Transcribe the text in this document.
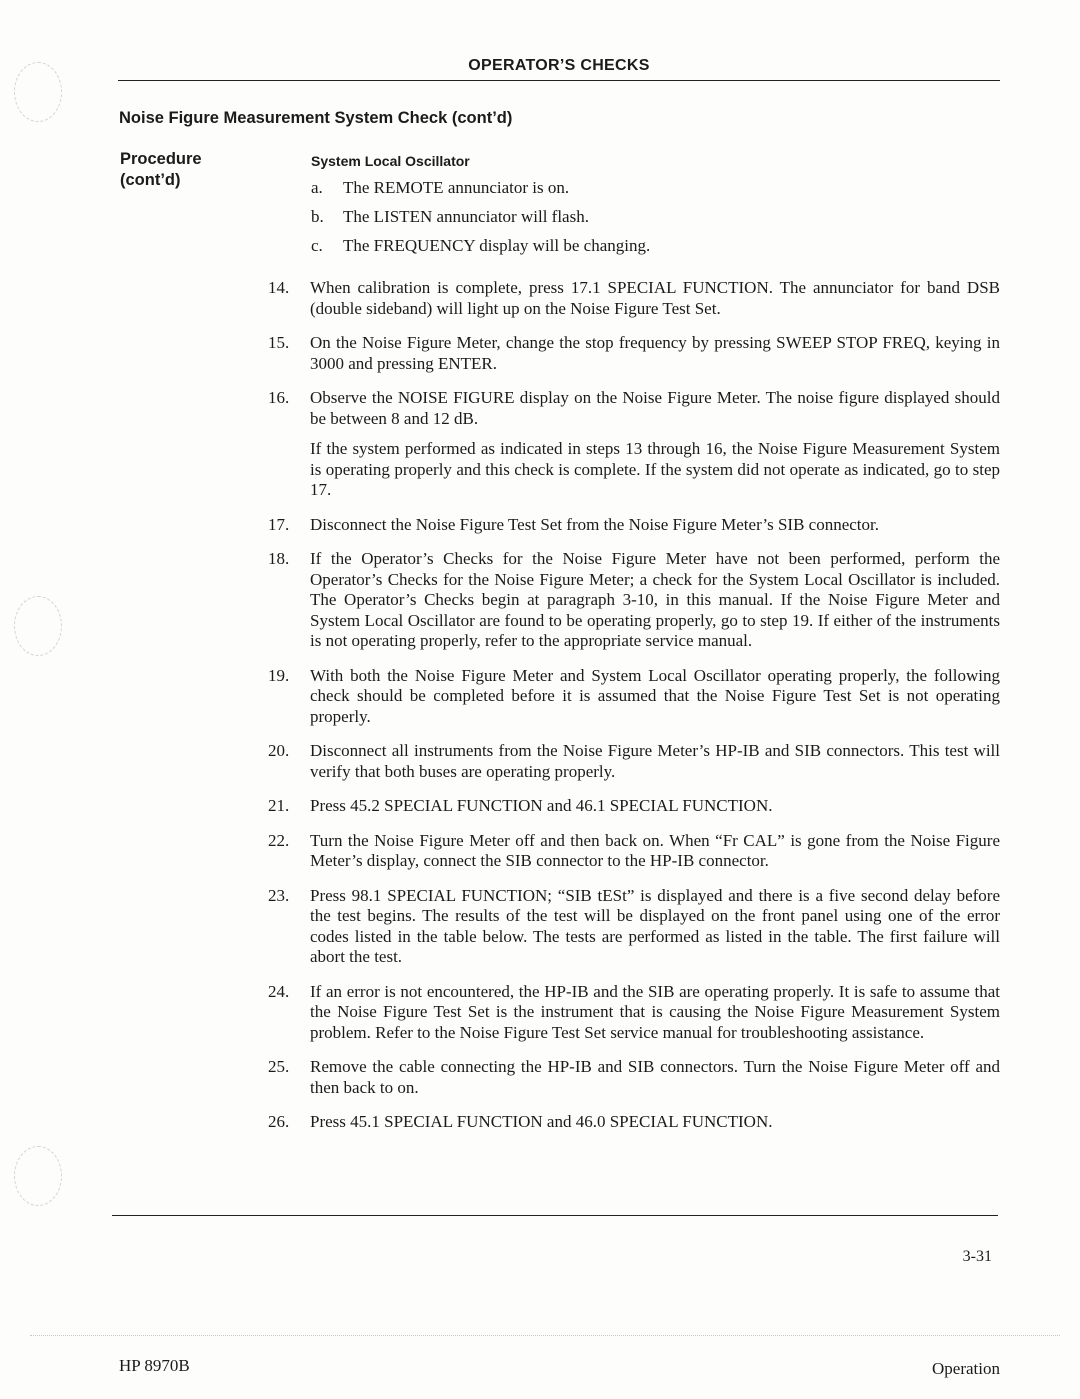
OPERATOR’S CHECKS
Noise Figure Measurement System Check (cont’d)
Procedure
(cont’d)
System Local Oscillator
a.	The REMOTE annunciator is on.
b.	The LISTEN annunciator will flash.
c.	The FREQUENCY display will be changing.
14.	When calibration is complete, press 17.1 SPECIAL FUNCTION. The annunciator for band DSB (double sideband) will light up on the Noise Figure Test Set.
15.	On the Noise Figure Meter, change the stop frequency by pressing SWEEP STOP FREQ, keying in 3000 and pressing ENTER.
16.	Observe the NOISE FIGURE display on the Noise Figure Meter. The noise figure displayed should be between 8 and 12 dB.
If the system performed as indicated in steps 13 through 16, the Noise Figure Measurement System is operating properly and this check is complete. If the system did not operate as indicated, go to step 17.
17.	Disconnect the Noise Figure Test Set from the Noise Figure Meter’s SIB connector.
18.	If the Operator’s Checks for the Noise Figure Meter have not been performed, perform the Operator’s Checks for the Noise Figure Meter; a check for the System Local Oscillator is included. The Operator’s Checks begin at paragraph 3-10, in this manual. If the Noise Figure Meter and System Local Oscillator are found to be operating properly, go to step 19. If either of the instruments is not operating properly, refer to the appropriate service manual.
19.	With both the Noise Figure Meter and System Local Oscillator operating properly, the following check should be completed before it is assumed that the Noise Figure Test Set is not operating properly.
20.	Disconnect all instruments from the Noise Figure Meter’s HP-IB and SIB connectors. This test will verify that both buses are operating properly.
21.	Press 45.2 SPECIAL FUNCTION and 46.1 SPECIAL FUNCTION.
22.	Turn the Noise Figure Meter off and then back on. When “Fr CAL” is gone from the Noise Figure Meter’s display, connect the SIB connector to the HP-IB connector.
23.	Press 98.1 SPECIAL FUNCTION; “SIB tESt” is displayed and there is a five second delay before the test begins. The results of the test will be displayed on the front panel using one of the error codes listed in the table below. The tests are performed as listed in the table. The first failure will abort the test.
24.	If an error is not encountered, the HP-IB and the SIB are operating properly. It is safe to assume that the Noise Figure Test Set is the instrument that is causing the Noise Figure Measurement System problem. Refer to the Noise Figure Test Set service manual for troubleshooting assistance.
25.	Remove the cable connecting the HP-IB and SIB connectors. Turn the Noise Figure Meter off and then back to on.
26.	Press 45.1 SPECIAL FUNCTION and 46.0 SPECIAL FUNCTION.
3-31
HP 8970B	Operation
